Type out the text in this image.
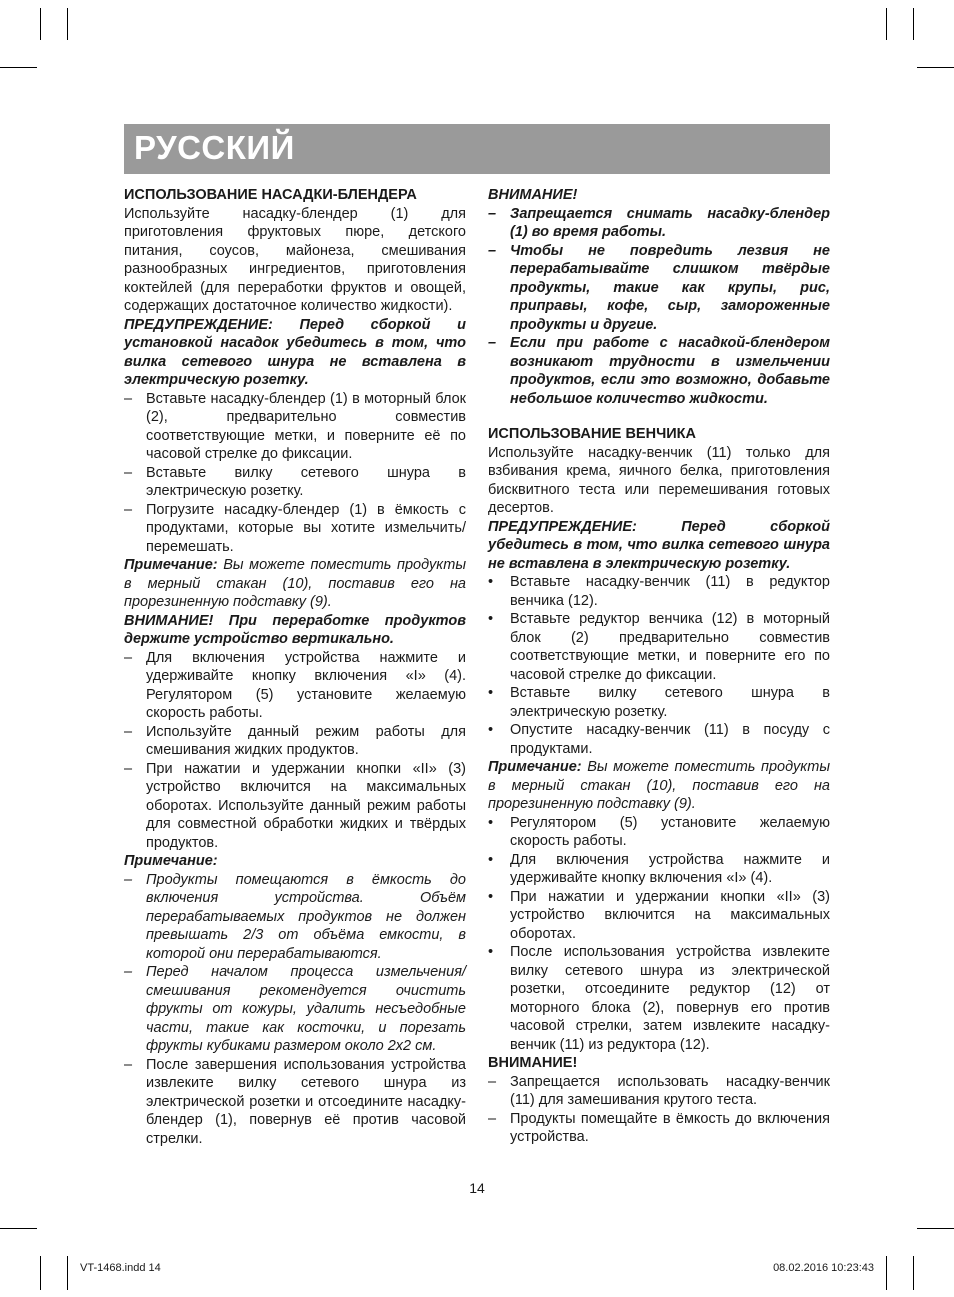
РУССКИЙ

ИСПОЛЬЗОВАНИЕ НАСАДКИ-БЛЕНДЕРА

Используйте насадку-блендер (1) для приготовления фруктовых пюре, детского питания, соусов, майонеза, смешивания разнообразных ингредиентов, приготовления коктейлей (для переработки фруктов и овощей, содержащих достаточное количество жидкости).

ПРЕДУПРЕЖДЕНИЕ: Перед сборкой и установкой насадок убедитесь в том, что вилка сетевого шнура не вставлена в электрическую розетку.

– Вставьте насадку-блендер (1) в моторный блок (2), предварительно совместив соответствующие метки, и поверните её по часовой стрелке до фиксации.
– Вставьте вилку сетевого шнура в электрическую розетку.
– Погрузите насадку-блендер (1) в ёмкость с продуктами, которые вы хотите измельчить/перемешать.

Примечание: Вы можете поместить продукты в мерный стакан (10), поставив его на прорезиненную подставку (9).

ВНИМАНИЕ! При переработке продуктов держите устройство вертикально.

– Для включения устройства нажмите и удерживайте кнопку включения «I» (4). Регулятором (5) установите желаемую скорость работы.
– Используйте данный режим работы для смешивания жидких продуктов.
– При нажатии и удержании кнопки «II» (3) устройство включится на максимальных оборотах. Используйте данный режим работы для совместной обработки жидких и твёрдых продуктов.

Примечание:

– Продукты помещаются в ёмкость до включения устройства. Объём перерабатываемых продуктов не должен превышать 2/3 от объёма емкости, в которой они перерабатываются.
– Перед началом процесса измельчения/смешивания рекомендуется очистить фрукты от кожуры, удалить несъедобные части, такие как косточки, и порезать фрукты кубиками размером около 2х2 см.
– После завершения использования устройства извлеките вилку сетевого шнура из электрической розетки и отсоедините насадку-блендер (1), повернув её против часовой стрелки.

ВНИМАНИЕ!

– Запрещается снимать насадку-блендер (1) во время работы.
– Чтобы не повредить лезвия не перерабатывайте слишком твёрдые продукты, такие как крупы, рис, приправы, кофе, сыр, замороженные продукты и другие.
– Если при работе с насадкой-блендером возникают трудности в измельчении продуктов, если это возможно, добавьте небольшое количество жидкости.

ИСПОЛЬЗОВАНИЕ ВЕНЧИКА

Используйте насадку-венчик (11) только для взбивания крема, яичного белка, приготовления бисквитного теста или перемешивания готовых десертов.

ПРЕДУПРЕЖДЕНИЕ: Перед сборкой убедитесь в том, что вилка сетевого шнура не вставлена в электрическую розетку.

• Вставьте насадку-венчик (11) в редуктор венчика (12).
• Вставьте редуктор венчика (12) в моторный блок (2) предварительно совместив соответствующие метки, и поверните его по часовой стрелке до фиксации.
• Вставьте вилку сетевого шнура в электрическую розетку.
• Опустите насадку-венчик (11) в посуду с продуктами.

Примечание: Вы можете поместить продукты в мерный стакан (10), поставив его на прорезиненную подставку (9).

• Регулятором (5) установите желаемую скорость работы.
• Для включения устройства нажмите и удерживайте кнопку включения «I» (4).
• При нажатии и удержании кнопки «II» (3) устройство включится на максимальных оборотах.
• После использования устройства извлеките вилку сетевого шнура из электрической розетки, отсоедините редуктор (12) от моторного блока (2), повернув его против часовой стрелки, затем извлеките насадку-венчик (11) из редуктора (12).

ВНИМАНИЕ!

– Запрещается использовать насадку-венчик (11) для замешивания крутого теста.
– Продукты помещайте в ёмкость до включения устройства.
14
VT-1468.indd 14	08.02.2016 10:23:43
